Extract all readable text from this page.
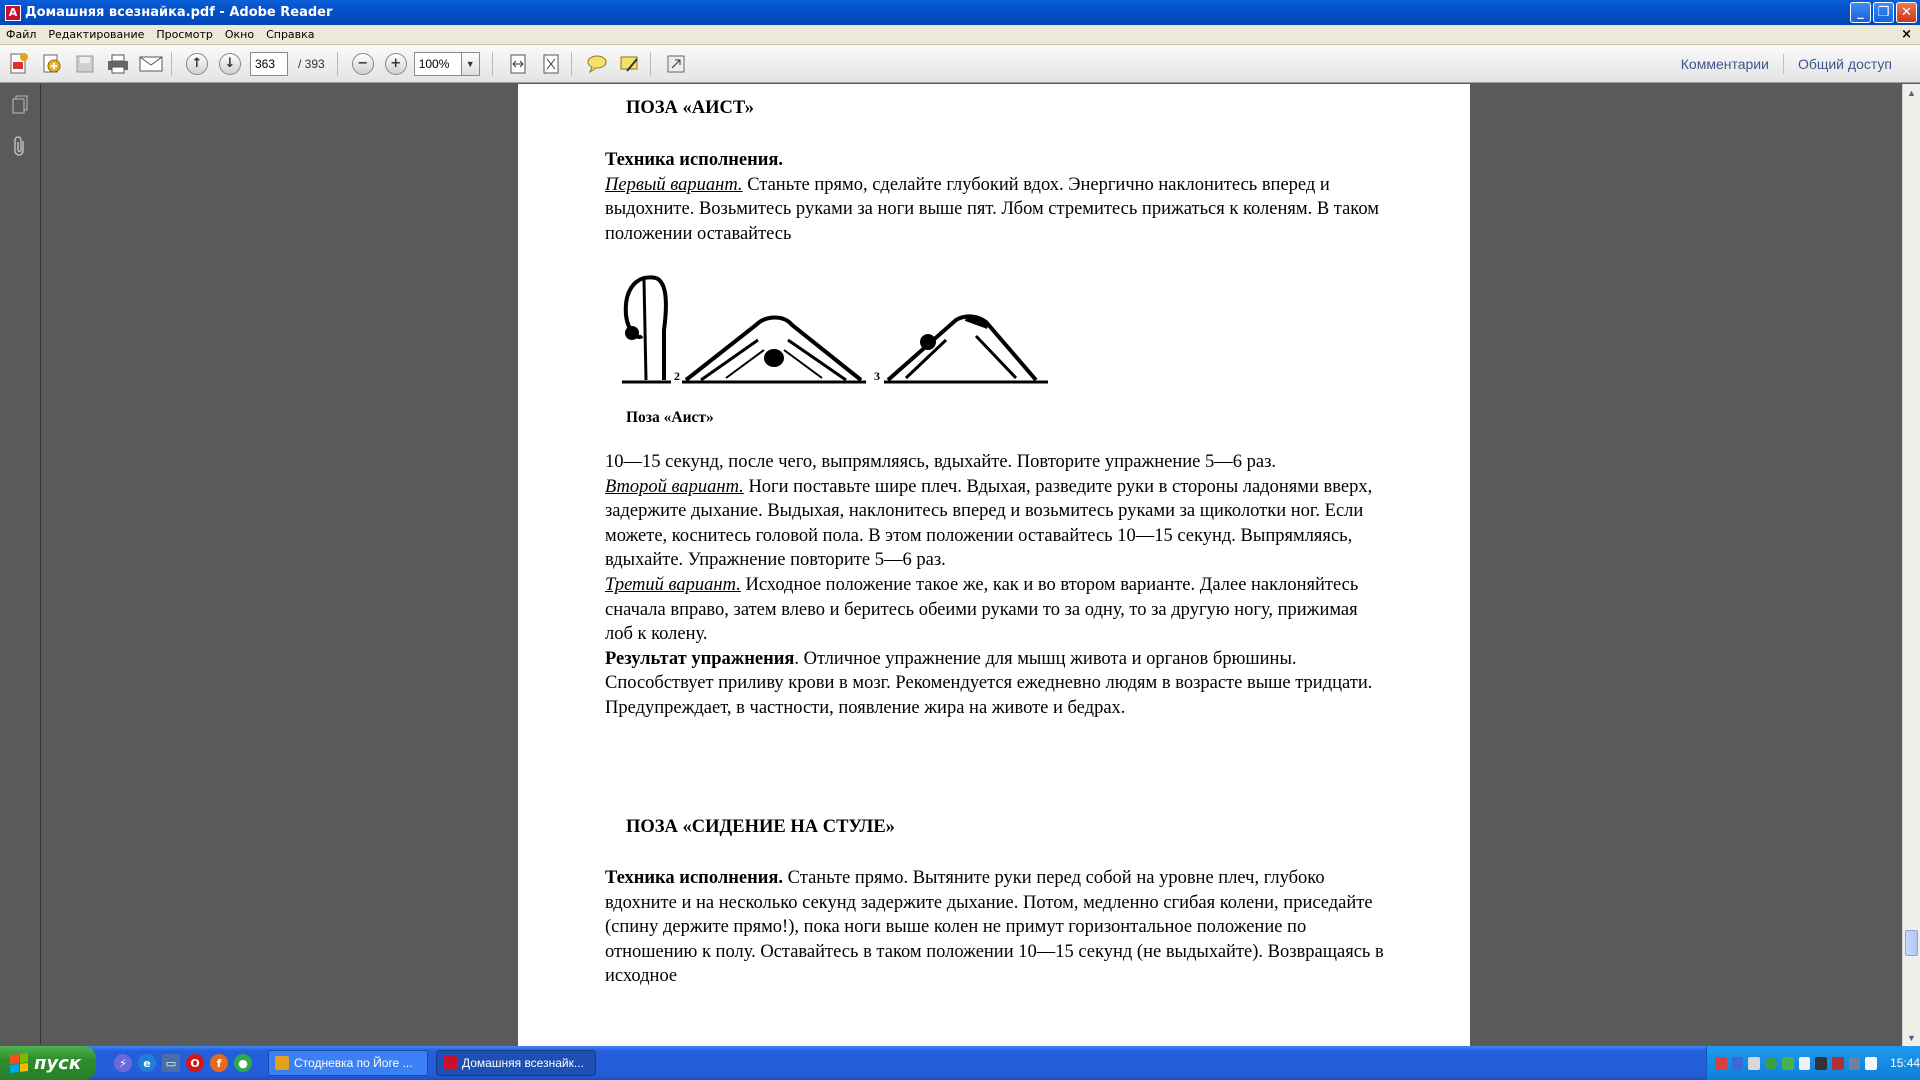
A Домашняя всезнайка.pdf - Adobe Reader	_	❐ ✕
Файл	Редактирование	Просмотр	Окно	Справка	×
↑	↓
363	/ 393	−	+
100%	▼	Комментарии	Общий доступ
ПОЗА «АИСТ»
Техника исполнения.
Первый вариант. Станьте прямо, сделайте глубокий вдох. Энергично наклонитесь вперед и выдохните. Возьмитесь руками за ноги выше пят. Лбом стремитесь прижаться к коленям. В таком положении оставайтесь
2	3
Поза «Аист»
10—15 секунд, после чего, выпрямляясь, вдыхайте. Повторите упражнение 5—6 раз.
Второй вариант. Ноги поставьте шире плеч. Вдыхая, разведите руки в стороны ладонями вверх, задержите дыхание. Выдыхая, наклонитесь вперед и возьмитесь руками за щиколотки ног. Если можете, коснитесь головой пола. В этом положении оставайтесь 10—15 секунд. Выпрямляясь, вдыхайте. Упражнение повторите 5—6 раз.
Третий вариант. Исходное положение такое же, как и во втором варианте. Далее наклоняйтесь сначала вправо, затем влево и беритесь обеими руками то за одну, то за другую ногу, прижимая лоб к колену.
Результат упражнения. Отличное упражнение для мышц живота и органов брюшины. Способствует приливу крови в мозг. Рекомендуется ежедневно людям в возрасте выше тридцати. Предупреждает, в частности, появление жира на животе и бедрах.
ПОЗА «СИДЕНИЕ НА СТУЛЕ»
Техника исполнения. Станьте прямо. Вытяните руки перед собой на уровне плеч, глубоко вдохните и на несколько секунд задержите дыхание. Потом, медленно сгибая колени, приседайте (спину держите прямо!), пока ноги выше колен не примут горизонтальное положение по отношению к полу. Оставайтесь в таком положении 10—15 секунд (не выдыхайте). Возвращаясь в исходное
▲
▼
пуск	⚡	e	▭	O	f	●	Стодневка по Йоге ...	Домашняя всезнайк...	15:44
